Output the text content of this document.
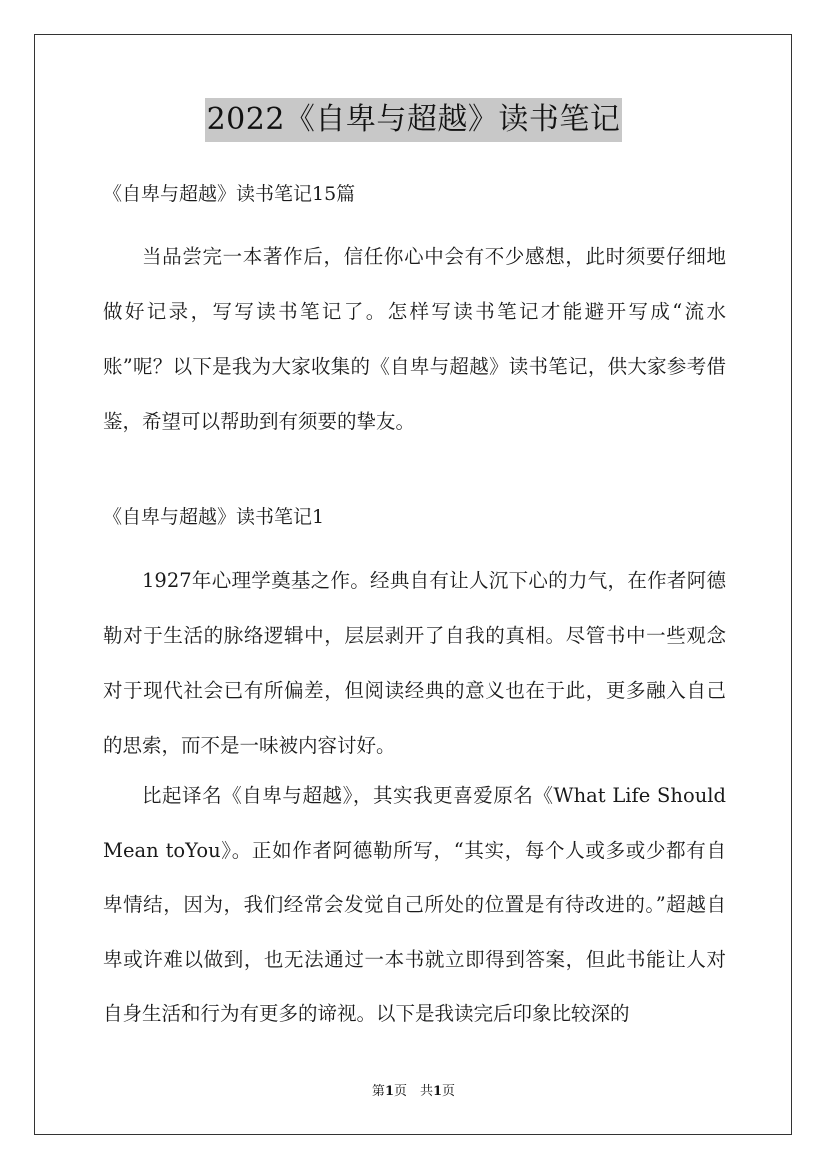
2022《自卑与超越》读书笔记

《自卑与超越》读书笔记15篇

当品尝完一本著作后，信任你心中会有不少感想，此时须要仔细地做好记录，写写读书笔记了。怎样写读书笔记才能避开写成“流水账”呢？以下是我为大家收集的《自卑与超越》读书笔记，供大家参考借鉴，希望可以帮助到有须要的挚友。

《自卑与超越》读书笔记1

1927年心理学奠基之作。经典自有让人沉下心的力气，在作者阿德勒对于生活的脉络逻辑中，层层剥开了自我的真相。尽管书中一些观念对于现代社会已有所偏差，但阅读经典的意义也在于此，更多融入自己的思索，而不是一味被内容讨好。

比起译名《自卑与超越》，其实我更喜爱原名《What Life Should Mean toYou》。正如作者阿德勒所写，“其实，每个人或多或少都有自卑情结，因为，我们经常会发觉自己所处的位置是有待改进的。”超越自卑或许难以做到，也无法通过一本书就立即得到答案，但此书能让人对自身生活和行为有更多的谛视。以下是我读完后印象比较深的

第1页　共1页
